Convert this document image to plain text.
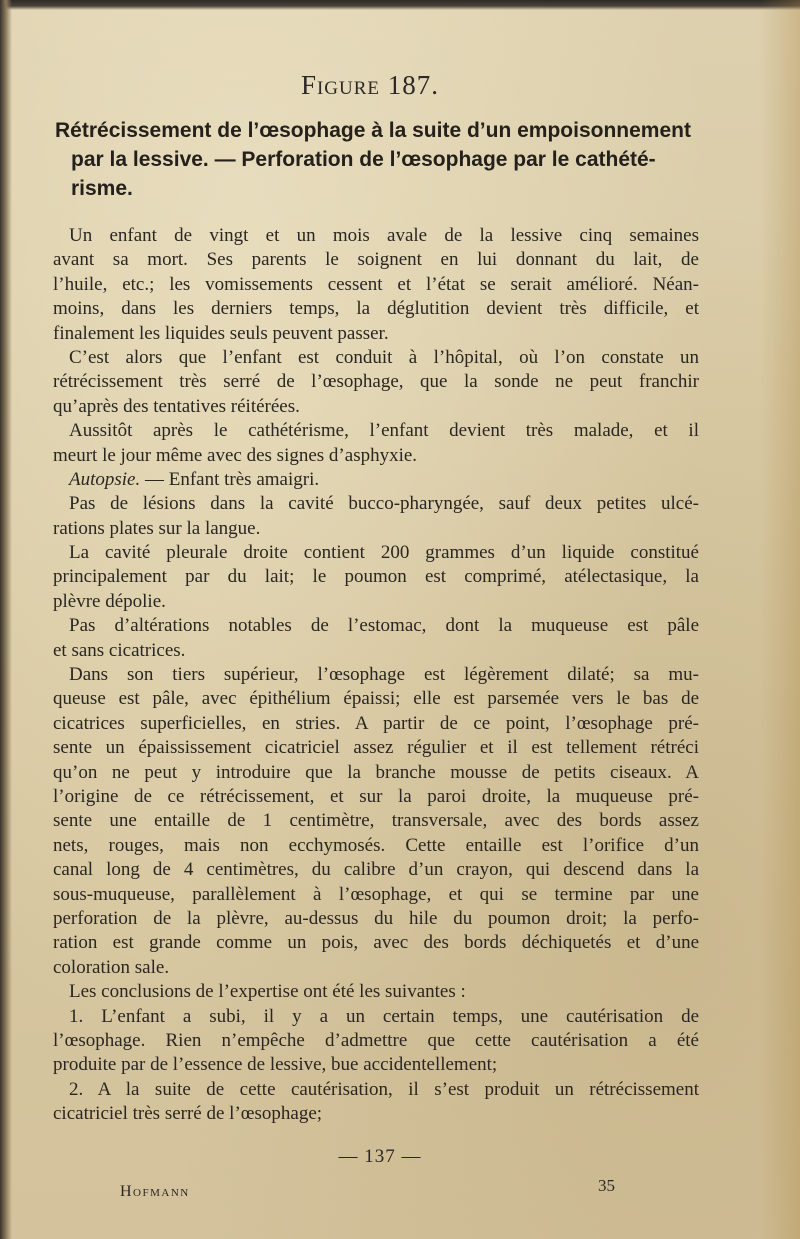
Figure 187.
Rétrécissement de l’œsophage à la suite d’un empoisonnement
par la lessive. — Perforation de l’œsophage par le cathété-
risme.
Un enfant de vingt et un mois avale de la lessive cinq semaines
avant sa mort. Ses parents le soignent en lui donnant du lait, de
l’huile, etc.; les vomissements cessent et l’état se serait amélioré. Néan-
moins, dans les derniers temps, la déglutition devient très difficile, et
finalement les liquides seuls peuvent passer.
C’est alors que l’enfant est conduit à l’hôpital, où l’on constate un
rétrécissement très serré de l’œsophage, que la sonde ne peut franchir
qu’après des tentatives réitérées.
Aussitôt après le cathétérisme, l’enfant devient très malade, et il
meurt le jour même avec des signes d’asphyxie.
Autopsie. — Enfant très amaigri.
Pas de lésions dans la cavité bucco-pharyngée, sauf deux petites ulcé-
rations plates sur la langue.
La cavité pleurale droite contient 200 grammes d’un liquide constitué
principalement par du lait; le poumon est comprimé, atélectasique, la
plèvre dépolie.
Pas d’altérations notables de l’estomac, dont la muqueuse est pâle
et sans cicatrices.
Dans son tiers supérieur, l’œsophage est légèrement dilaté; sa mu-
queuse est pâle, avec épithélium épaissi; elle est parsemée vers le bas de
cicatrices superficielles, en stries. A partir de ce point, l’œsophage pré-
sente un épaississement cicatriciel assez régulier et il est tellement rétréci
qu’on ne peut y introduire que la branche mousse de petits ciseaux. A
l’origine de ce rétrécissement, et sur la paroi droite, la muqueuse pré-
sente une entaille de 1 centimètre, transversale, avec des bords assez
nets, rouges, mais non ecchymosés. Cette entaille est l’orifice d’un
canal long de 4 centimètres, du calibre d’un crayon, qui descend dans la
sous-muqueuse, parallèlement à l’œsophage, et qui se termine par une
perforation de la plèvre, au-dessus du hile du poumon droit; la perfo-
ration est grande comme un pois, avec des bords déchiquetés et d’une
coloration sale.
Les conclusions de l’expertise ont été les suivantes :
1. L’enfant a subi, il y a un certain temps, une cautérisation de
l’œsophage. Rien n’empêche d’admettre que cette cautérisation a été
produite par de l’essence de lessive, bue accidentellement;
2. A la suite de cette cautérisation, il s’est produit un rétrécissement
cicatriciel très serré de l’œsophage;
— 137 —
Hofmann	35
